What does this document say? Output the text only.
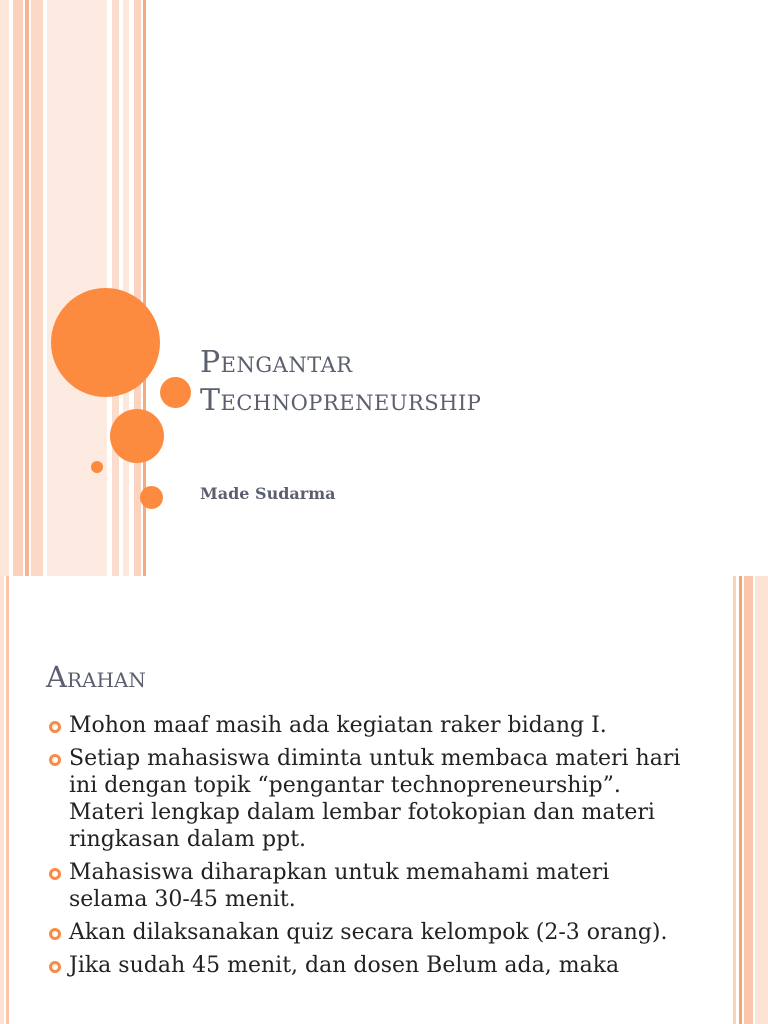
Pengantar
Technopreneurship
Made Sudarma
Arahan
Mohon maaf masih ada kegiatan raker bidang I.
Setiap mahasiswa diminta untuk membaca materi hari ini dengan topik “pengantar technopreneurship”. Materi lengkap dalam lembar fotokopian dan materi ringkasan dalam ppt.
Mahasiswa diharapkan untuk memahami materi selama 30-45 menit.
Akan dilaksanakan quiz secara kelompok (2-3 orang).
Jika sudah 45 menit, dan dosen Belum ada, maka
